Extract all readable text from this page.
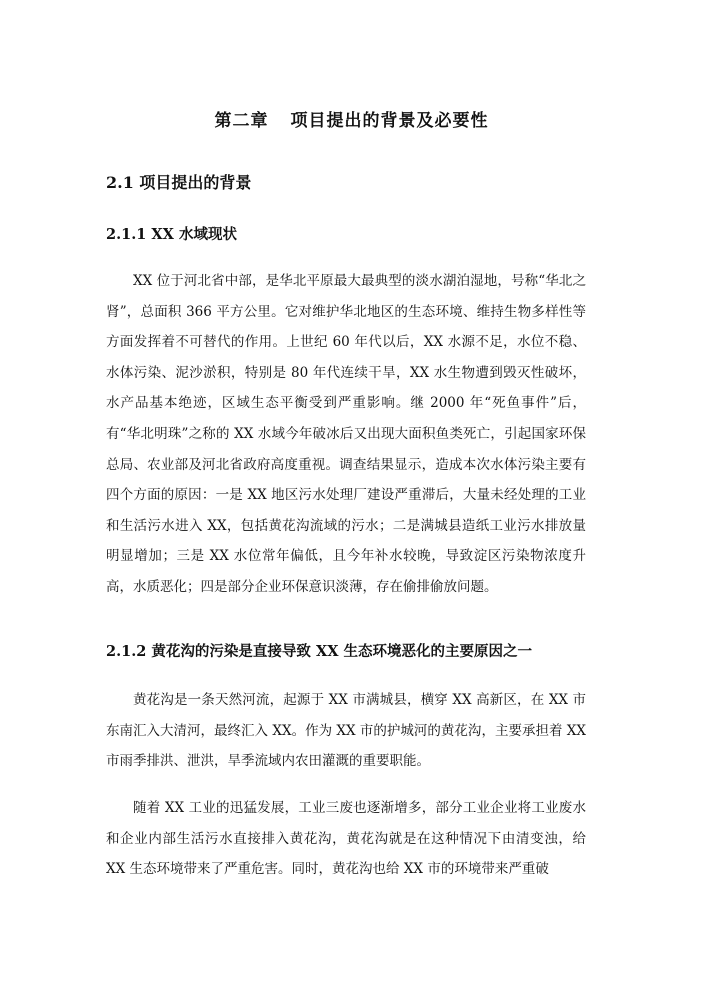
第二章 项目提出的背景及必要性
2.1 项目提出的背景
2.1.1 XX 水域现状

XX 位于河北省中部，是华北平原最大最典型的淡水湖泊湿地，号称“华北之肾”，总面积 366 平方公里。它对维护华北地区的生态环境、维持生物多样性等方面发挥着不可替代的作用。上世纪 60 年代以后，XX 水源不足，水位不稳、水体污染、泥沙淤积，特别是 80 年代连续干旱，XX 水生物遭到毁灭性破坏，水产品基本绝迹，区域生态平衡受到严重影响。继 2000 年“死鱼事件”后，有“华北明珠”之称的 XX 水域今年破冰后又出现大面积鱼类死亡，引起国家环保总局、农业部及河北省政府高度重视。调查结果显示，造成本次水体污染主要有四个方面的原因：一是 XX 地区污水处理厂建设严重滞后，大量未经处理的工业和生活污水进入 XX，包括黄花沟流域的污水；二是满城县造纸工业污水排放量明显增加；三是 XX 水位常年偏低，且今年补水较晚，导致淀区污染物浓度升高，水质恶化；四是部分企业环保意识淡薄，存在偷排偷放问题。

2.1.2 黄花沟的污染是直接导致 XX 生态环境恶化的主要原因之一

黄花沟是一条天然河流，起源于 XX 市满城县，横穿 XX 高新区，在 XX 市东南汇入大清河，最终汇入 XX。作为 XX 市的护城河的黄花沟，主要承担着 XX 市雨季排洪、泄洪，旱季流域内农田灌溉的重要职能。

随着 XX 工业的迅猛发展，工业三废也逐渐增多，部分工业企业将工业废水和企业内部生活污水直接排入黄花沟，黄花沟就是在这种情况下由清变浊，给 XX 生态环境带来了严重危害。同时，黄花沟也给 XX 市的环境带来严重破
